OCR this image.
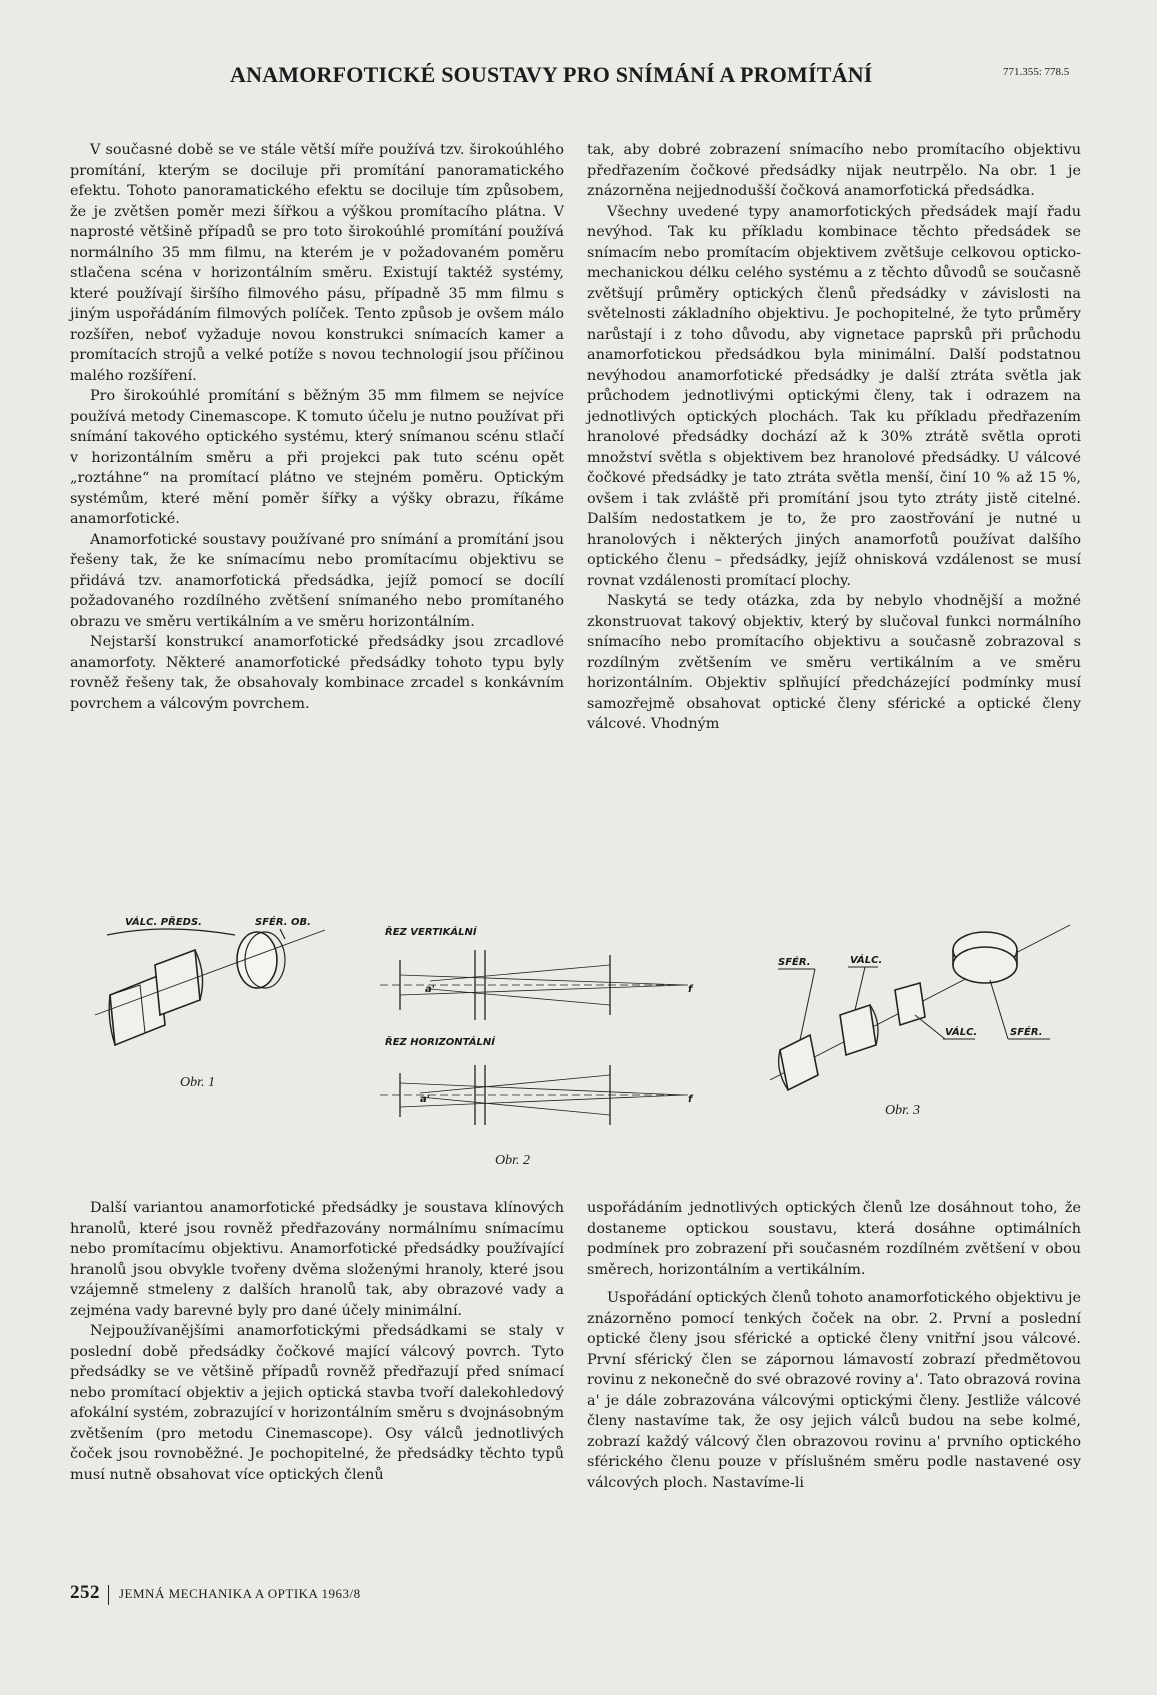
ANAMORFOTICKÉ SOUSTAVY PRO SNÍMÁNÍ A PROMÍTÁNÍ	771.355: 778.5

V současné době se ve stále větší míře používá tzv. širokoúhlého promítání, kterým se dociluje při promítání panoramatického efektu. Tohoto panoramatického efektu se dociluje tím způsobem, že je zvětšen poměr mezi šířkou a výškou promítacího plátna. V naprosté většině případů se pro toto širokoúhlé promítání používá normálního 35 mm filmu, na kterém je v požadovaném poměru stlačena scéna v horizontálním směru. Existují taktéž systémy, které používají širšího filmového pásu, případně 35 mm filmu s jiným uspořádáním filmových políček. Tento způsob je ovšem málo rozšířen, neboť vyžaduje novou konstrukci snímacích kamer a promítacích strojů a velké potíže s novou technologií jsou příčinou malého rozšíření.

Pro širokoúhlé promítání s běžným 35 mm filmem se nejvíce používá metody Cinemascope. K tomuto účelu je nutno používat při snímání takového optického systému, který snímanou scénu stlačí v horizontálním směru a při projekci pak tuto scénu opět „roztáhne“ na promítací plátno ve stejném poměru. Optickým systémům, které mění poměr šířky a výšky obrazu, říkáme anamorfotické.

Anamorfotické soustavy používané pro snímání a promítání jsou řešeny tak, že ke snímacímu nebo promítacímu objektivu se přidává tzv. anamorfotická předsádka, jejíž pomocí se docílí požadovaného rozdílného zvětšení snímaného nebo promítaného obrazu ve směru vertikálním a ve směru horizontálním.

Nejstarší konstrukcí anamorfotické předsádky jsou zrcadlové anamorfoty. Některé anamorfotické předsádky tohoto typu byly rovněž řešeny tak, že obsahovaly kombinace zrcadel s konkávním povrchem a válcovým povrchem.

tak, aby dobré zobrazení snímacího nebo promítacího objektivu předřazením čočkové předsádky nijak neutrpělo. Na obr. 1 je znázorněna nejjednodušší čočková anamorfotická předsádka.

Všechny uvedené typy anamorfotických předsádek mají řadu nevýhod. Tak ku příkladu kombinace těchto předsádek se snímacím nebo promítacím objektivem zvětšuje celkovou opticko-mechanickou délku celého systému a z těchto důvodů se současně zvětšují průměry optických členů předsádky v závislosti na světelnosti základního objektivu. Je pochopitelné, že tyto průměry narůstají i z toho důvodu, aby vignetace paprsků při průchodu anamorfotickou předsádkou byla minimální. Další podstatnou nevýhodou anamorfotické předsádky je další ztráta světla jak průchodem jednotlivými optickými členy, tak i odrazem na jednotlivých optických plochách. Tak ku příkladu předřazením hranolové předsádky dochází až k 30% ztrátě světla oproti množství světla s objektivem bez hranolové předsádky. U válcové čočkové předsádky je tato ztráta světla menší, činí 10 % až 15 %, ovšem i tak zvláště při promítání jsou tyto ztráty jistě citelné. Dalším nedostatkem je to, že pro zaostřování je nutné u hranolových i některých jiných anamorfotů používat dalšího optického členu – předsádky, jejíž ohnisková vzdálenost se musí rovnat vzdálenosti promítací plochy.

Naskytá se tedy otázka, zda by nebylo vhodnější a možné zkonstruovat takový objektiv, který by slučoval funkci normálního snímacího nebo promítacího objektivu a současně zobrazoval s rozdílným zvětšením ve směru vertikálním a ve směru horizontálním. Objektiv splňující předcházející podmínky musí samozřejmě obsahovat optické členy sférické a optické členy válcové. Vhodným

VÁLC. PŘEDS.	SFÉR. OB.
Obr. 1
ŘEZ VERTIKÁLNÍ
a'	f
ŘEZ HORIZONTÁLNÍ
a'	f
Obr. 2
SFÉR.	VÁLC.
VÁLC.	SFÉR.
Obr. 3

Další variantou anamorfotické předsádky je soustava klínových hranolů, které jsou rovněž předřazovány normálnímu snímacímu nebo promítacímu objektivu. Anamorfotické předsádky používající hranolů jsou obvykle tvořeny dvěma složenými hranoly, které jsou vzájemně stmeleny z dalších hranolů tak, aby obrazové vady a zejména vady barevné byly pro dané účely minimální.

Nejpoužívanějšími anamorfotickými předsádkami se staly v poslední době předsádky čočkové mající válcový povrch. Tyto předsádky se ve většině případů rovněž předřazují před snímací nebo promítací objektiv a jejich optická stavba tvoří dalekohledový afokální systém, zobrazující v horizontálním směru s dvojnásobným zvětšením (pro metodu Cinemascope). Osy válců jednotlivých čoček jsou rovnoběžné. Je pochopitelné, že předsádky těchto typů musí nutně obsahovat více optických členů

uspořádáním jednotlivých optických členů lze dosáhnout toho, že dostaneme optickou soustavu, která dosáhne optimálních podmínek pro zobrazení při současném rozdílném zvětšení v obou směrech, horizontálním a vertikálním.

Uspořádání optických členů tohoto anamorfotického objektivu je znázorněno pomocí tenkých čoček na obr. 2. První a poslední optické členy jsou sférické a optické členy vnitřní jsou válcové. První sférický člen se zápornou lámavostí zobrazí předmětovou rovinu z nekonečně do své obrazové roviny a'. Tato obrazová rovina a' je dále zobrazována válcovými optickými členy. Jestliže válcové členy nastavíme tak, že osy jejich válců budou na sebe kolmé, zobrazí každý válcový člen obrazovou rovinu a' prvního optického sférického členu pouze v příslušném směru podle nastavené osy válcových ploch. Nastavíme-li

252 JEMNÁ MECHANIKA A OPTIKA 1963/8
